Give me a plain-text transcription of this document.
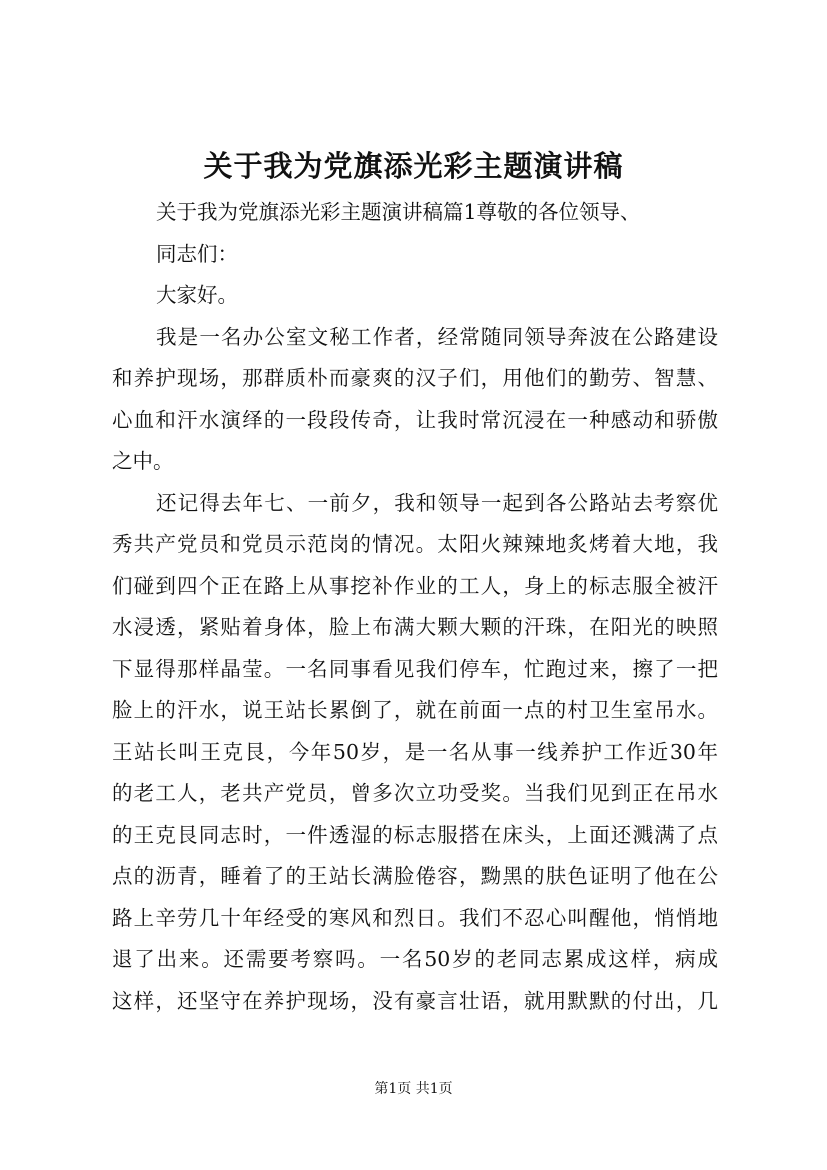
关于我为党旗添光彩主题演讲稿
关于我为党旗添光彩主题演讲稿篇1尊敬的各位领导、
同志们：
大家好。
我是一名办公室文秘工作者，经常随同领导奔波在公路建设
和养护现场，那群质朴而豪爽的汉子们，用他们的勤劳、智慧、
心血和汗水演绎的一段段传奇，让我时常沉浸在一种感动和骄傲
之中。
还记得去年七、一前夕，我和领导一起到各公路站去考察优
秀共产党员和党员示范岗的情况。太阳火辣辣地炙烤着大地，我
们碰到四个正在路上从事挖补作业的工人，身上的标志服全被汗
水浸透，紧贴着身体，脸上布满大颗大颗的汗珠，在阳光的映照
下显得那样晶莹。一名同事看见我们停车，忙跑过来，擦了一把
脸上的汗水，说王站长累倒了，就在前面一点的村卫生室吊水。
王站长叫王克艮，今年50岁，是一名从事一线养护工作近30年
的老工人，老共产党员，曾多次立功受奖。当我们见到正在吊水
的王克艮同志时，一件透湿的标志服搭在床头，上面还溅满了点
点的沥青，睡着了的王站长满脸倦容，黝黑的肤色证明了他在公
路上辛劳几十年经受的寒风和烈日。我们不忍心叫醒他，悄悄地
退了出来。还需要考察吗。一名50岁的老同志累成这样，病成
这样，还坚守在养护现场，没有豪言壮语，就用默默的付出，几
第1页 共1页
